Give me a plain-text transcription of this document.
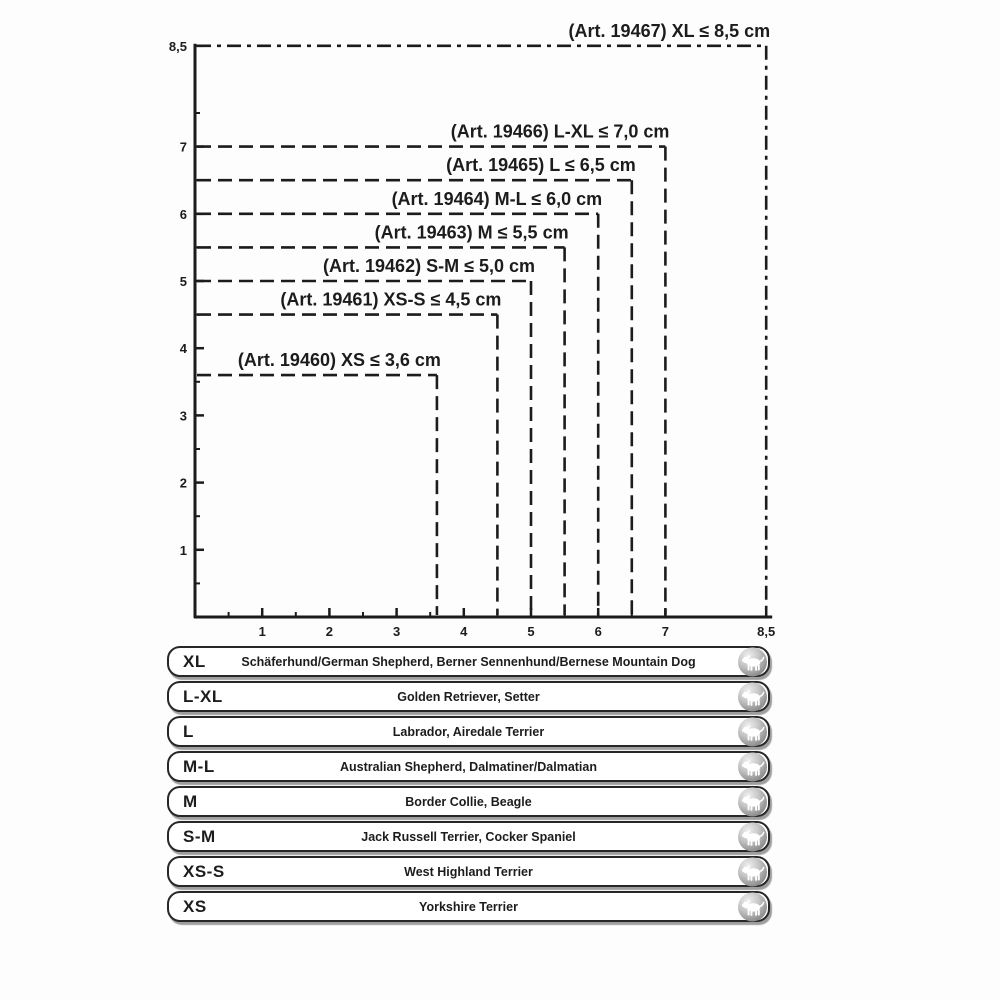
1	2	3	4	5	6	7	8,5
1
2
3
4
5
6
7
8,5
(Art. 19467) XL ≤ 8,5 cm
(Art. 19466) L-XL ≤ 7,0 cm
(Art. 19465) L ≤ 6,5 cm
(Art. 19464) M-L ≤ 6,0 cm
(Art. 19463) M ≤ 5,5 cm
(Art. 19462) S-M ≤ 5,0 cm
(Art. 19461) XS-S ≤ 4,5 cm
(Art. 19460) XS ≤ 3,6 cm
XL	Schäferhund/German Shepherd, Berner Sennenhund/Bernese Mountain Dog
L-XL	Golden Retriever, Setter
L	Labrador, Airedale Terrier
M-L	Australian Shepherd, Dalmatiner/Dalmatian
M	Border Collie, Beagle
S-M	Jack Russell Terrier, Cocker Spaniel
XS-S	West Highland Terrier
XS	Yorkshire Terrier
